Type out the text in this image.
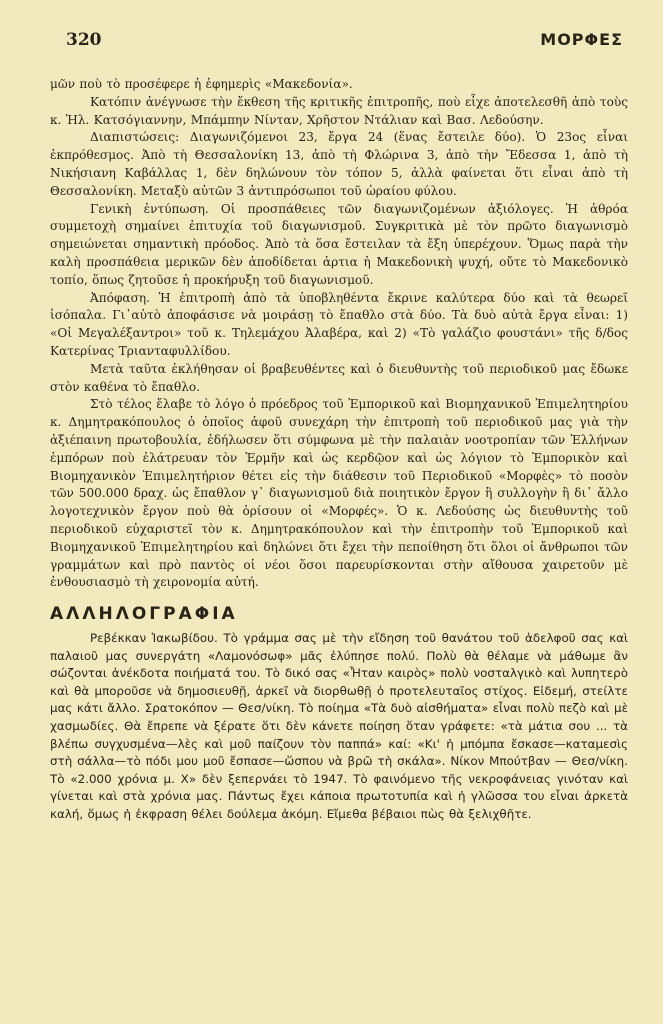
320	ΜΟΡΦΕΣ

μῶν ποὺ τὸ προσέφερε ἡ ἐφημερὶς «Μακεδονία».

Κατόπιν ἀνέγνωσε τὴν ἔκθεση τῆς κριτικῆς ἐπιτροπῆς, ποὺ εἶχε ἀποτελεσθῆ ἀπὸ τοὺς κ. Ἠλ. Κατσόγιαννην, Μπάμπην Νίνταν, Χρῆστον Ντάλιαν καὶ Βασ. Λεδούσην.

Διαπιστώσεις: Διαγωνιζόμενοι 23, ἔργα 24 (ἕνας ἔστειλε δύο). Ὁ 23ος εἶναι ἐκπρόθεσμος. Ἀπὸ τὴ Θεσσαλονίκη 13, ἀπὸ τὴ Φλώρινα 3, ἀπὸ τὴν Ἔδεσσα 1, ἀπὸ τὴ Νικήσιανη Καβάλλας 1, δὲν δηλώνουν τὸν τόπον 5, ἀλλὰ φαίνεται ὅτι εἶναι ἀπὸ τὴ Θεσσαλονίκη. Μεταξὺ αὐτῶν 3 ἀντιπρόσωποι τοῦ ὡραίου φύλου.

Γενικὴ ἐντύπωση. Οἱ προσπάθειες τῶν διαγωνιζομένων ἀξιόλογες. Ἡ ἀθρόα συμμετοχὴ σημαίνει ἐπιτυχία τοῦ διαγωνισμοῦ. Συγκριτικὰ μὲ τὸν πρῶτο διαγωνισμὸ σημειώνεται σημαντικὴ πρόοδος. Ἀπὸ τὰ ὅσα ἔστειλαν τὰ ἔξη ὑπερέχουν. Ὅμως παρὰ τὴν καλὴ προσπάθεια μερικῶν δὲν ἀποδίδεται ἀρτια ἡ Μακεδονικὴ ψυχή, οὔτε τὸ Μακεδονικὸ τοπίο, ὅπως ζητοῦσε ἡ προκήρυξη τοῦ διαγωνισμοῦ.

Ἀπόφαση. Ἡ ἐπιτροπὴ ἀπὸ τὰ ὑποβληθέντα ἔκρινε καλύτερα δύο καὶ τὰ θεωρεῖ ἰσόπαλα. Γι᾿αὐτὸ ἀποφάσισε νὰ μοιράσῃ τὸ ἔπαθλο στὰ δύο. Τὰ δυὸ αὐτὰ ἔργα εἶναι: 1) «Οἱ Μεγαλέξαντροι» τοῦ κ. Τηλεμάχου Ἀλαβέρα, καὶ 2) «Τὸ γαλάζιο φουστάνι» τῆς δ/δος Κατερίνας Τριανταφυλλίδου.

Μετὰ ταῦτα ἐκλήθησαν οἱ βραβευθέντες καὶ ὁ διευθυντὴς τοῦ περιοδικοῦ μας ἔδωκε στὸν καθένα τὸ ἔπαθλο.

Στὸ τέλος ἔλαβε τὸ λόγο ὁ πρόεδρος τοῦ Ἐμπορικοῦ καὶ Βιομηχανικοῦ Ἐπιμελητηρίου κ. Δημητρακόπουλος ὁ ὁποῖος ἀφοῦ συνεχάρη τὴν ἐπιτροπὴ τοῦ περιοδικοῦ μας γιὰ τὴν ἀξιέπαινη πρωτοβουλία, ἐδήλωσεν ὅτι σύμφωνα μὲ τὴν παλαιὰν νοοτροπίαν τῶν Ἑλλήνων ἐμπόρων ποὺ ἐλάτρευαν τὸν Ἑρμῆν καὶ ὡς κερδῷον καὶ ὡς λόγιον τὸ Ἐμπορικὸν καὶ Βιομηχανικὸν Ἐπιμελητήριον θέτει εἰς τὴν διάθεσιν τοῦ Περιοδικοῦ «Μορφὲς» τὸ ποσὸν τῶν 500.000 δραχ. ὡς ἔπαθλον γ᾿ διαγωνισμοῦ διὰ ποιητικὸν ἔργον ἢ συλλογὴν ἢ δι᾿ ἄλλο λογοτεχνικὸν ἔργον ποὺ θὰ ὁρίσουν οἱ «Μορφές». Ὁ κ. Λεδούσης ὡς διευθυντὴς τοῦ περιοδικοῦ εὐχαριστεῖ τὸν κ. Δημητρακόπουλον καὶ τὴν ἐπιτροπὴν τοῦ Ἐμπορικοῦ καὶ Βιομηχανικοῦ Ἐπιμελητηρίου καὶ δηλώνει ὅτι ἔχει τὴν πεποίθηση ὅτι ὅλοι οἱ ἄνθρωποι τῶν γραμμάτων καὶ πρὸ παντὸς οἱ νέοι ὅσοι παρευρίσκονται στὴν αἴθουσα χαιρετοῦν μὲ ἐνθουσιασμὸ τὴ χειρονομία αὐτή.

ΑΛΛΗΛΟΓΡΑΦΙΑ

Ρεβέκκαν Ἰακωβίδου. Τὸ γράμμα σας μὲ τὴν εἴδηση τοῦ θανάτου τοῦ ἀδελφοῦ σας καὶ παλαιοῦ μας συνεργάτη «Λαμονόσωφ» μᾶς ἐλύπησε πολύ. Πολὺ θὰ θέλαμε νὰ μάθωμε ἂν σώζονται ἀνέκδοτα ποιήματά του. Τὸ δικό σας «Ἦταν καιρὸς» πολὺ νοσταλγικὸ καὶ λυπητερὸ καὶ θὰ μποροῦσε νὰ δημοσιευθῇ, ἀρκεῖ νὰ διορθωθῇ ὁ προτελευταῖος στίχος. Εἰδεμή, στείλτε μας κάτι ἄλλο. Σρατοκόπον — Θεσ/νίκη. Τὸ ποίημα «Τὰ δυὸ αἰσθήματα» εἶναι πολὺ πεζὸ καὶ μὲ χασμωδίες. Θὰ ἔπρεπε νὰ ξέρατε ὅτι δὲν κάνετε ποίηση ὅταν γράφετε: «τὰ μάτια σου ... τὰ βλέπω συγχυσμένα—λὲς καὶ μοῦ παίζουν τὸν παππά» καί: «Κι' ἡ μπόμπα ἔσκασε—καταμεσὶς στὴ σάλλα—τὸ πόδι μου μοῦ ἔσπασε—ὥσπου νὰ βρῶ τὴ σκάλα». Νίκον Μπούτβαν — Θεσ/νίκη. Τὸ «2.000 χρόνια μ. Χ» δὲν ξεπερνάει τὸ 1947. Τὸ φαινόμενο τῆς νεκροφάνειας γινόταν καὶ γίνεται καὶ στὰ χρόνια μας. Πάντως ἔχει κάποια πρωτοτυπία καὶ ἡ γλῶσσα του εἶναι ἀρκετὰ καλή, ὅμως ἡ ἐκφραση θέλει δούλεμα ἀκόμη. Εἴμεθα βέβαιοι πὼς θὰ ξελιχθῆτε.
